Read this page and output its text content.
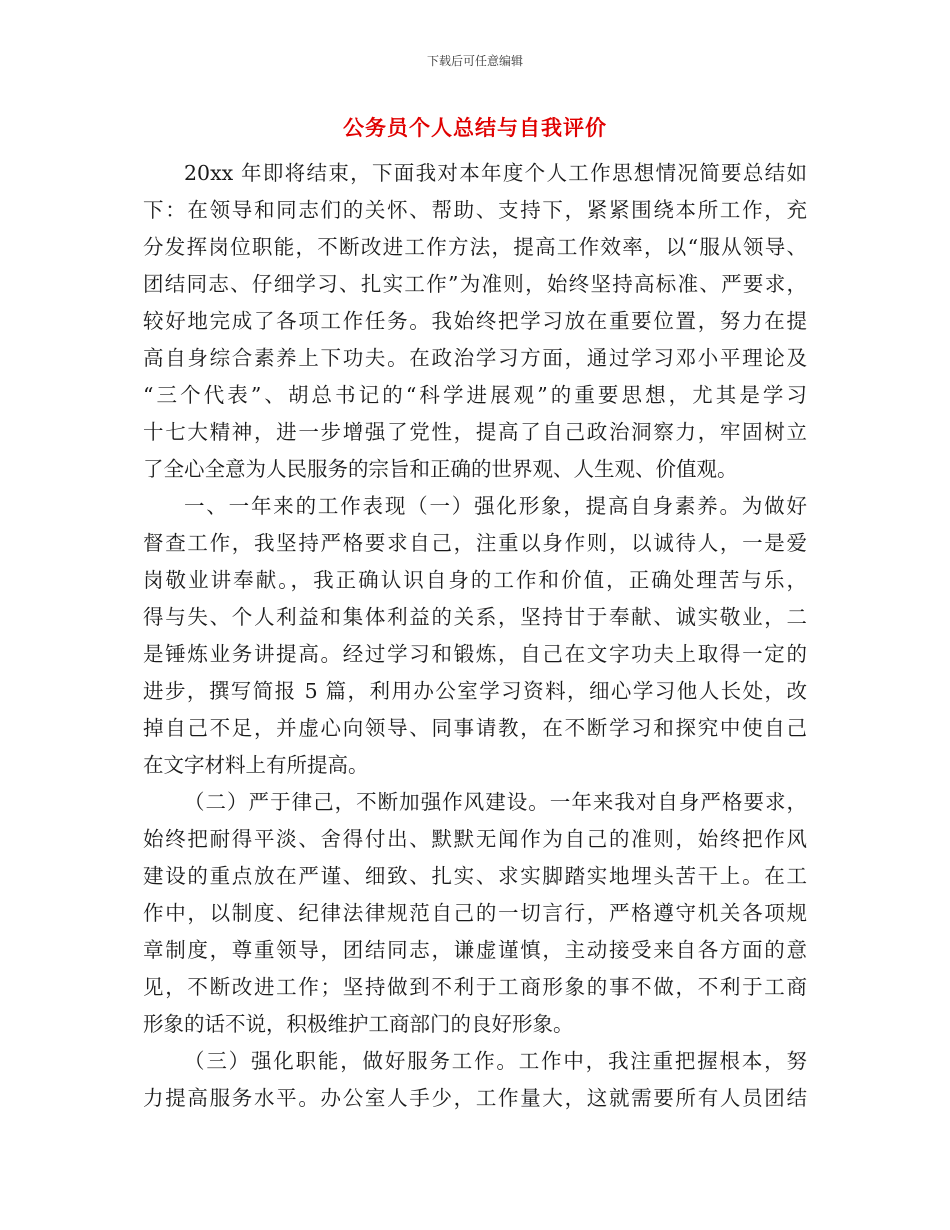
下载后可任意编辑
公务员个人总结与自我评价
20xx 年即将结束，下面我对本年度个人工作思想情况简要总结如
下：在领导和同志们的关怀、帮助、支持下，紧紧围绕本所工作，充
分发挥岗位职能，不断改进工作方法，提高工作效率，以“服从领导、
团结同志、仔细学习、扎实工作”为准则，始终坚持高标准、严要求，
较好地完成了各项工作任务。我始终把学习放在重要位置，努力在提
高自身综合素养上下功夫。在政治学习方面，通过学习邓小平理论及
“三个代表”、胡总书记的“科学进展观”的重要思想，尤其是学习
十七大精神，进一步增强了党性，提高了自己政治洞察力，牢固树立
了全心全意为人民服务的宗旨和正确的世界观、人生观、价值观。
一、一年来的工作表现（一）强化形象，提高自身素养。为做好
督查工作，我坚持严格要求自己，注重以身作则，以诚待人，一是爱
岗敬业讲奉献。，我正确认识自身的工作和价值，正确处理苦与乐，
得与失、个人利益和集体利益的关系，坚持甘于奉献、诚实敬业，二
是锤炼业务讲提高。经过学习和锻炼，自己在文字功夫上取得一定的
进步，撰写简报 5 篇，利用办公室学习资料，细心学习他人长处，改
掉自己不足，并虚心向领导、同事请教，在不断学习和探究中使自己
在文字材料上有所提高。
（二）严于律己，不断加强作风建设。一年来我对自身严格要求，
始终把耐得平淡、舍得付出、默默无闻作为自己的准则，始终把作风
建设的重点放在严谨、细致、扎实、求实脚踏实地埋头苦干上。在工
作中，以制度、纪律法律规范自己的一切言行，严格遵守机关各项规
章制度，尊重领导，团结同志，谦虚谨慎，主动接受来自各方面的意
见，不断改进工作；坚持做到不利于工商形象的事不做，不利于工商
形象的话不说，积极维护工商部门的良好形象。
（三）强化职能，做好服务工作。工作中，我注重把握根本，努
力提高服务水平。办公室人手少，工作量大，这就需要所有人员团结
